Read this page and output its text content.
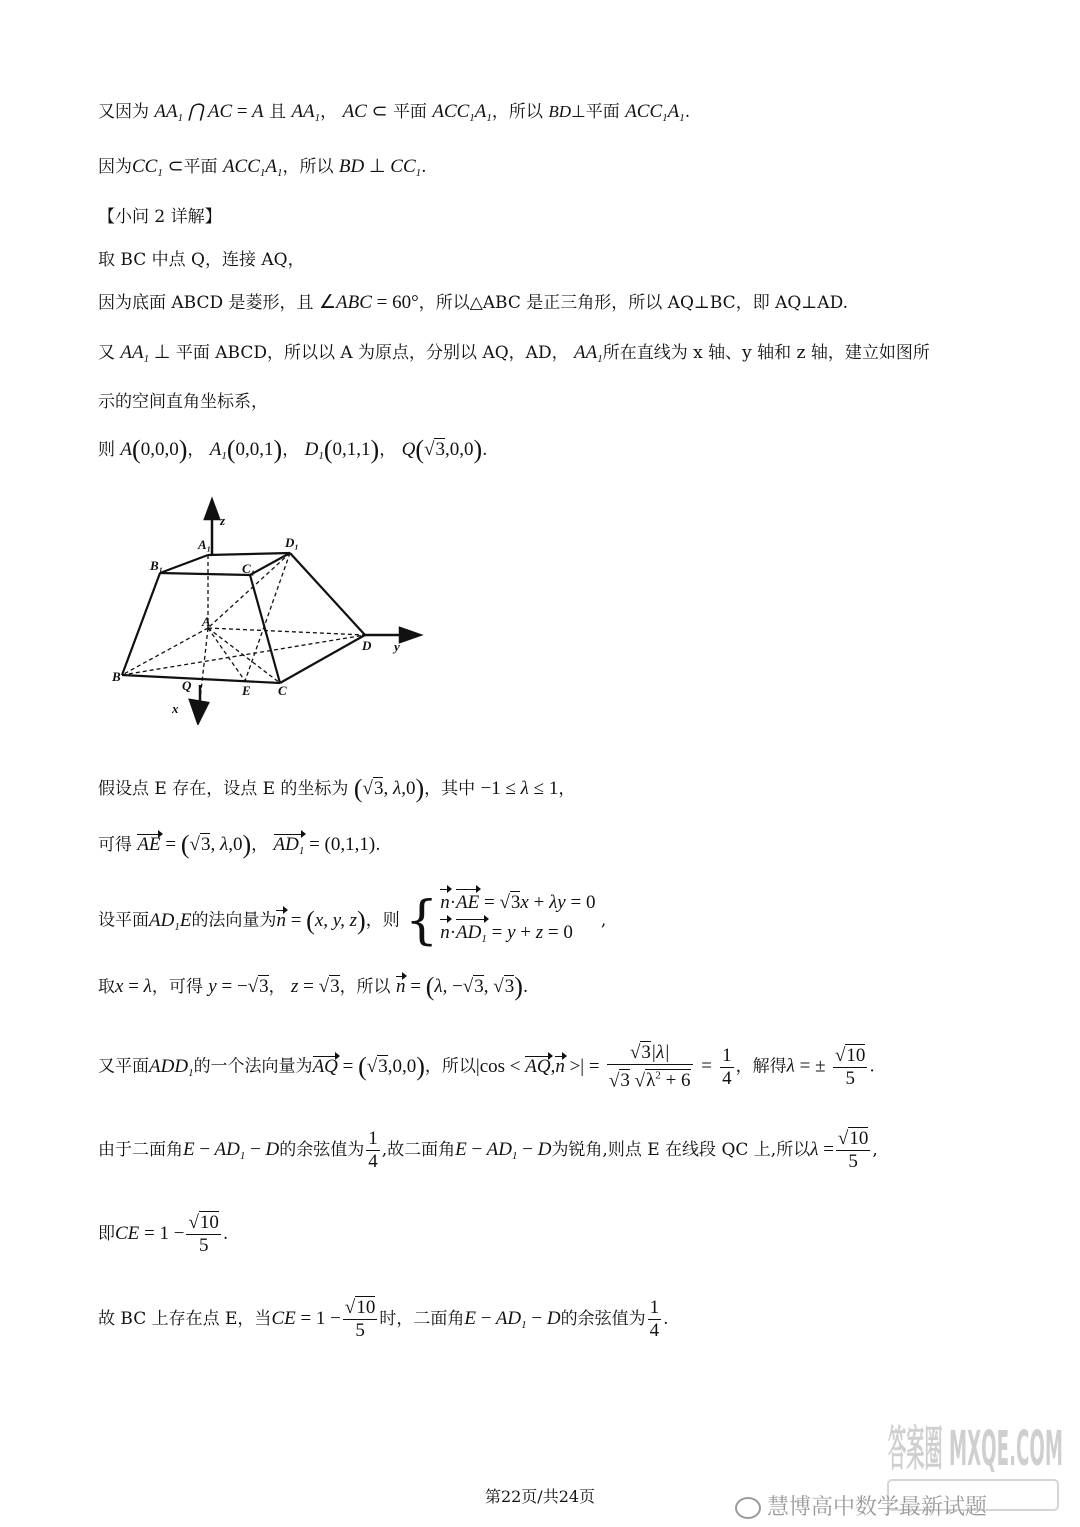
又因为 $AA_1$ ⋂ AC = A 且 $AA_1$， AC ⊂ 平面 $ACC_1A_1$，所以 BD⊥平面 $ACC_1A_1$.
因为$CC_1$ ⊂平面 $ACC_1A_1$，所以 BD ⊥ $CC_1$.
【小问 2 详解】
取 BC 中点 Q，连接 AQ，
因为底面 ABCD 是菱形，且 ∠ABC = 60°，所以△ABC 是正三角形，所以 AQ⊥BC，即 AQ⊥AD.
又 $AA_1$ ⊥ 平面 ABCD，所以以 A 为原点，分别以 AQ，AD， $AA_1$所在直线为 x 轴、y 轴和 z 轴，建立如图所
示的空间直角坐标系，
则 A(0,0,0)， $A_1(0,0,1)$， $D_1(0,1,1)$， Q(√3,0,0).
A₁	D₁
B₁	C₁
A
B
C
D
E
Q
x
y
z
假设点 E 存在，设点 E 的坐标为 (√3, λ,0)，其中 −1 ≤ λ ≤ 1，
可得 AE = (√3, λ,0)， $AD_1 = (0,1,1)$.
设平面$AD_1E$的法向量为n = (x, y, z)，则 { n·AE = √3x + λy = 0
$n\cdot AD_1 = y + z = 0$
,
取x = λ，可得 y = −√3， z = √3，所以 n = (λ, −√3, √3).
又平面$ADD_1$的一个法向量为AQ = (√3,0,0)，所以|cos < AQ,n >| = $\frac{√3|\lambda|}{√3 √\lambda^2 + 6} = \frac{1}{4}$ ，解得λ = ± $\frac{√10}{5}$ .
由于二面角$E - AD_1 - D$的余弦值为 $\frac{1}{4}$ ,故二面角$E - AD_1 - D$为锐角,则点 E 在线段 QC 上,所以$\lambda = \frac{√10}{5}$ ,
即CE = $1 - \frac{√10}{5}$ .
故 BC 上存在点 E，当CE = $1 - \frac{√10}{5}$ 时，二面角$E - AD_1 - D$的余弦值为 $\frac{1}{4}$ .
答案圈 MXQE.COM
慧博高中数学最新试题
第22页/共24页
